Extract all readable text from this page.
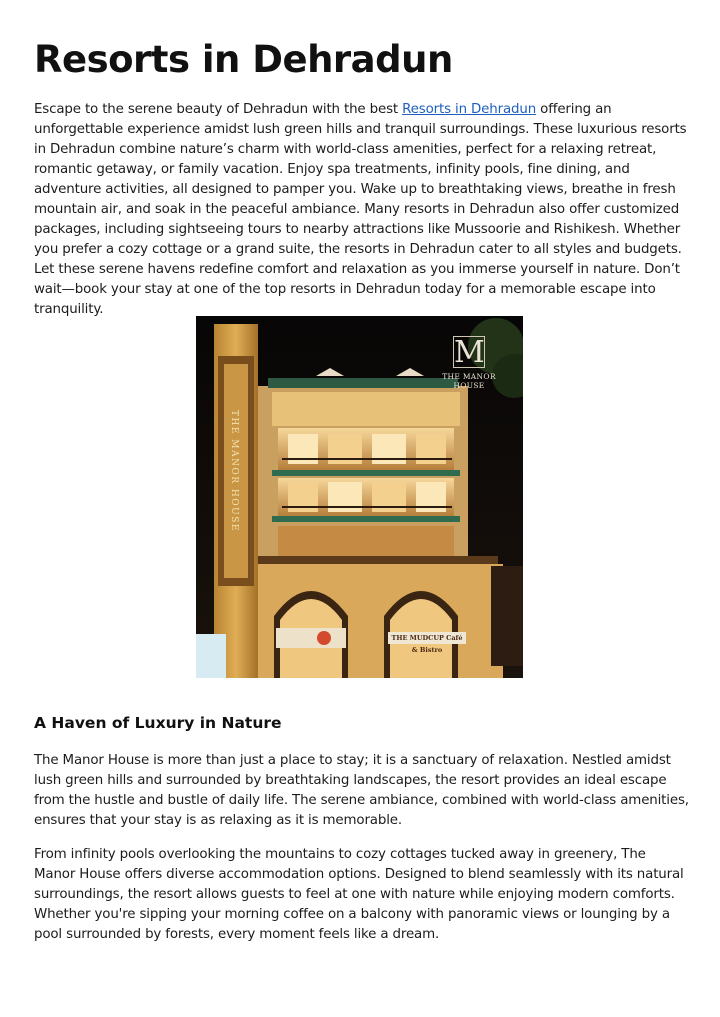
Resorts in Dehradun

Escape to the serene beauty of Dehradun with the best Resorts in Dehradun offering an unforgettable experience amidst lush green hills and tranquil surroundings. These luxurious resorts in Dehradun combine nature’s charm with world-class amenities, perfect for a relaxing retreat, romantic getaway, or family vacation. Enjoy spa treatments, infinity pools, fine dining, and adventure activities, all designed to pamper you. Wake up to breathtaking views, breathe in fresh mountain air, and soak in the peaceful ambiance. Many resorts in Dehradun also offer customized packages, including sightseeing tours to nearby attractions like Mussoorie and Rishikesh. Whether you prefer a cozy cottage or a grand suite, the resorts in Dehradun cater to all styles and budgets. Let these serene havens redefine comfort and relaxation as you immerse yourself in nature. Don’t wait—book your stay at one of the top resorts in Dehradun today for a memorable escape into tranquility.

M
THE MANOR HOUSE
THE MANOR HOUSE
THE MUDCUP Café & Bistro
A Haven of Luxury in Nature

The Manor House is more than just a place to stay; it is a sanctuary of relaxation. Nestled amidst lush green hills and surrounded by breathtaking landscapes, the resort provides an ideal escape from the hustle and bustle of daily life. The serene ambiance, combined with world-class amenities, ensures that your stay is as relaxing as it is memorable.

From infinity pools overlooking the mountains to cozy cottages tucked away in greenery, The Manor House offers diverse accommodation options. Designed to blend seamlessly with its natural surroundings, the resort allows guests to feel at one with nature while enjoying modern comforts. Whether you're sipping your morning coffee on a balcony with panoramic views or lounging by a pool surrounded by forests, every moment feels like a dream.
